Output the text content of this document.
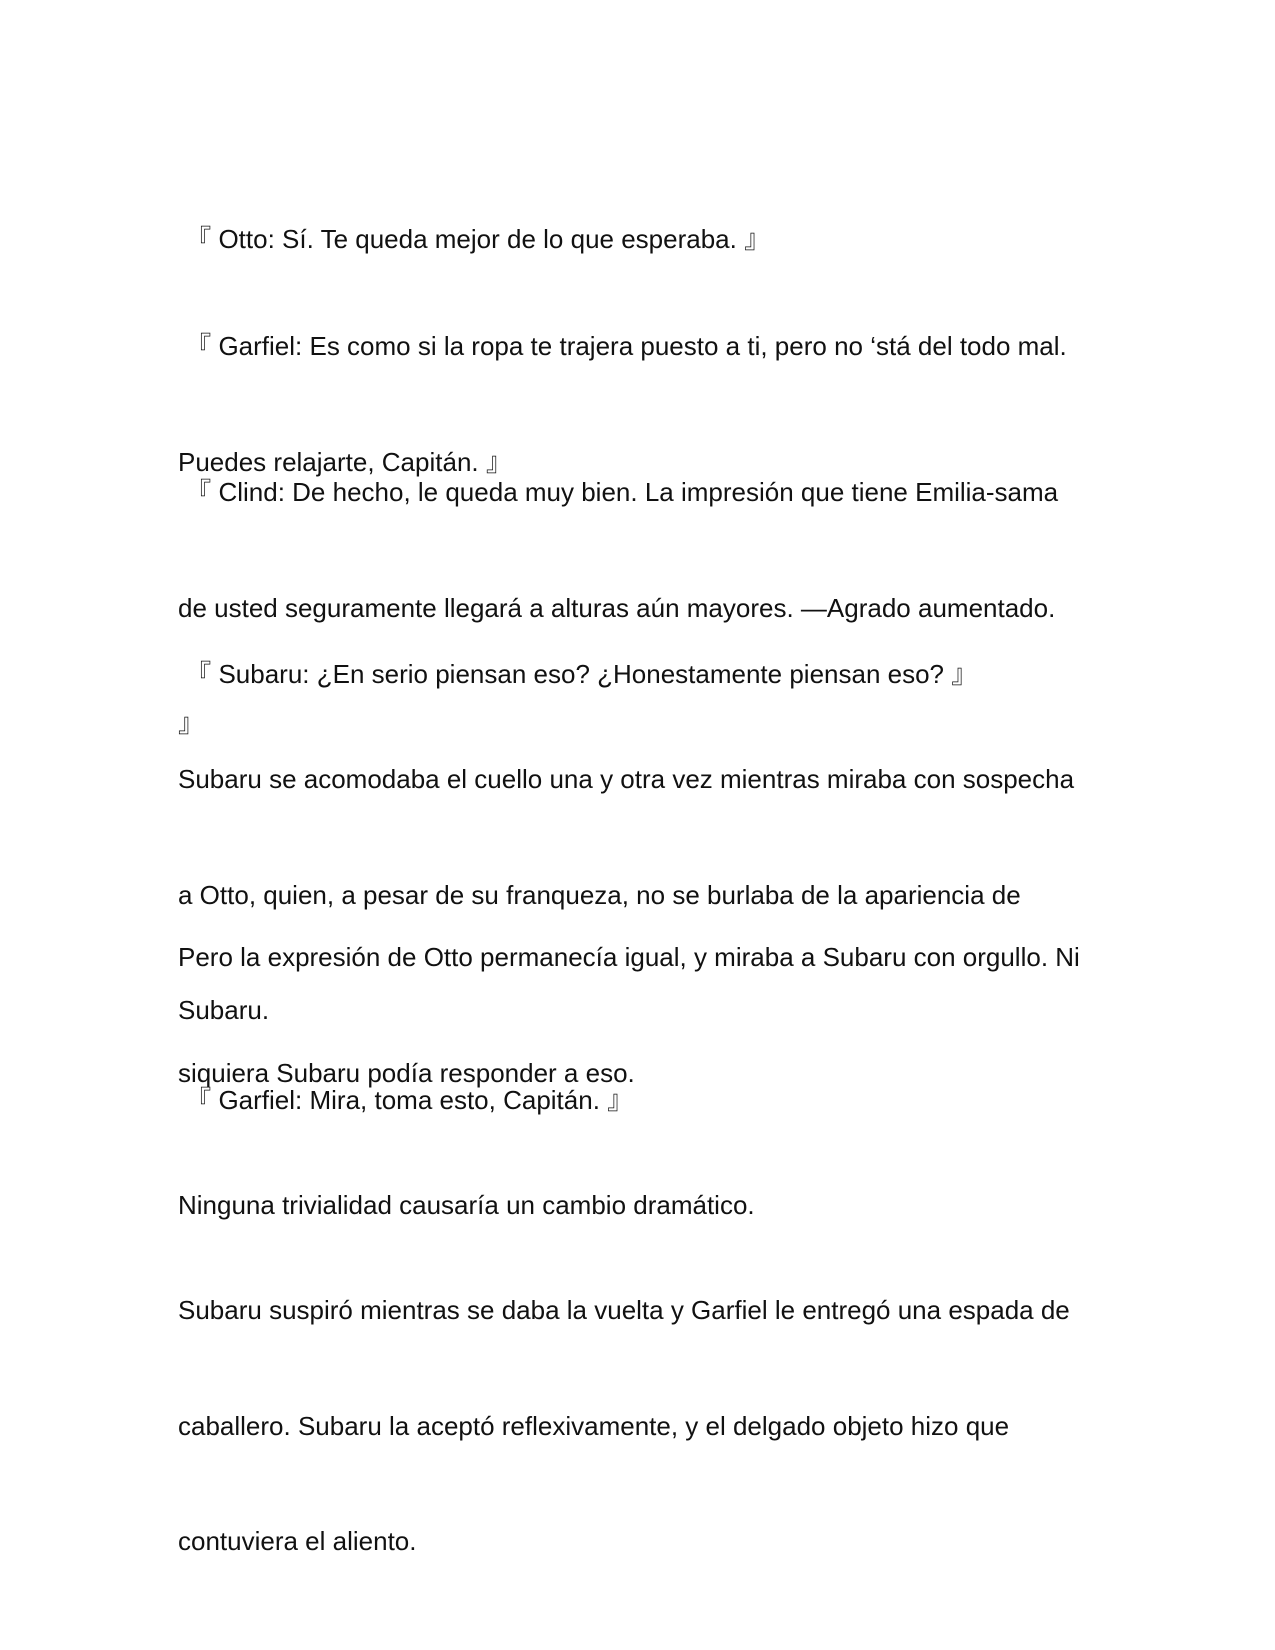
『 Otto: Sí. Te queda mejor de lo que esperaba. 』

『 Garfiel: Es como si la ropa te trajera puesto a ti, pero no ‘stá del todo mal.

Puedes relajarte, Capitán. 』

『 Clind: De hecho, le queda muy bien. La impresión que tiene Emilia-sama

de usted seguramente llegará a alturas aún mayores. —Agrado aumentado.

』

『 Subaru: ¿En serio piensan eso? ¿Honestamente piensan eso? 』

Subaru se acomodaba el cuello una y otra vez mientras miraba con sospecha

a Otto, quien, a pesar de su franqueza, no se burlaba de la apariencia de

Subaru.

Pero la expresión de Otto permanecía igual, y miraba a Subaru con orgullo. Ni

siquiera Subaru podía responder a eso.

『 Garfiel: Mira, toma esto, Capitán. 』

Ninguna trivialidad causaría un cambio dramático.

Subaru suspiró mientras se daba la vuelta y Garfiel le entregó una espada de

caballero. Subaru la aceptó reflexivamente, y el delgado objeto hizo que

contuviera el aliento.
